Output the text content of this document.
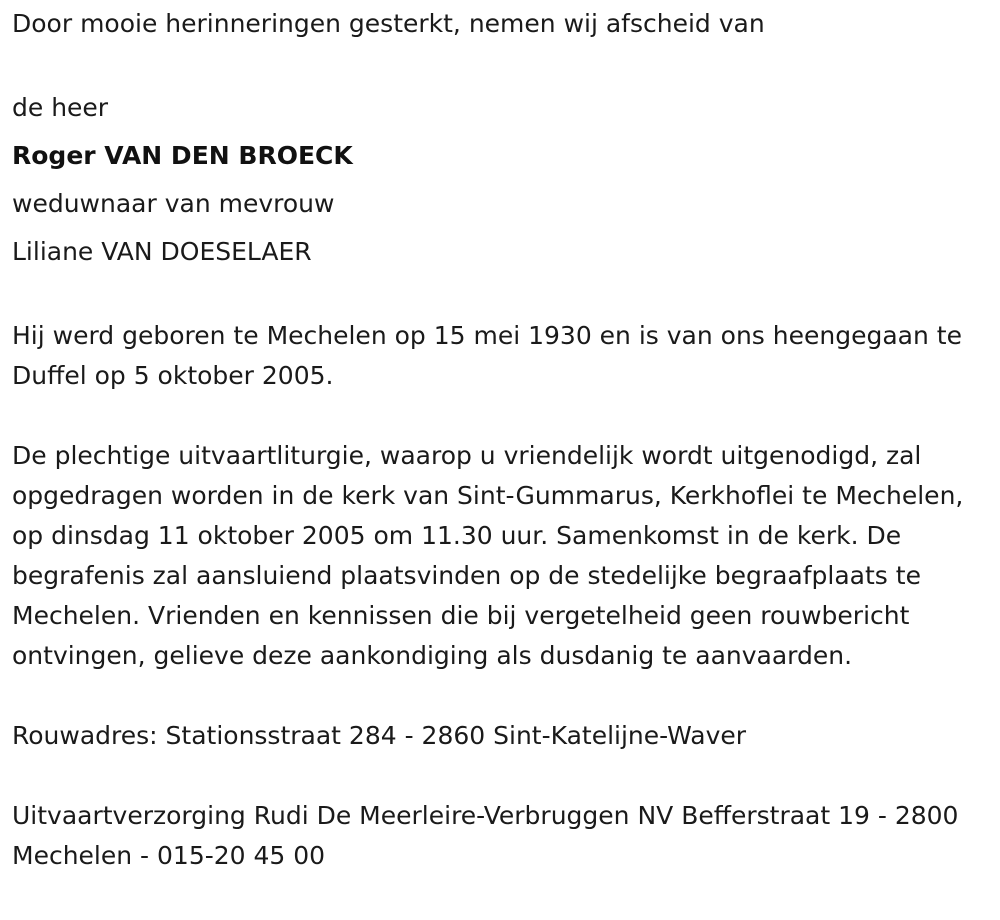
Door mooie herinneringen gesterkt, nemen wij afscheid van

de heer

Roger VAN DEN BROECK

weduwnaar van mevrouw

Liliane VAN DOESELAER

Hij werd geboren te Mechelen op 15 mei 1930 en is van ons heengegaan te Duffel op 5 oktober 2005.

De plechtige uitvaartliturgie, waarop u vriendelijk wordt uitgenodigd, zal opgedragen worden in de kerk van Sint-Gummarus, Kerkhoflei te Mechelen, op dinsdag 11 oktober 2005 om 11.30 uur. Samenkomst in de kerk. De begrafenis zal aansluiend plaatsvinden op de stedelijke begraafplaats te Mechelen. Vrienden en kennissen die bij vergetelheid geen rouwbericht ontvingen, gelieve deze aankondiging als dusdanig te aanvaarden.

Rouwadres: Stationsstraat 284 - 2860 Sint-Katelijne-Waver

Uitvaartverzorging Rudi De Meerleire-Verbruggen NV Befferstraat 19 - 2800 Mechelen - 015-20 45 00
